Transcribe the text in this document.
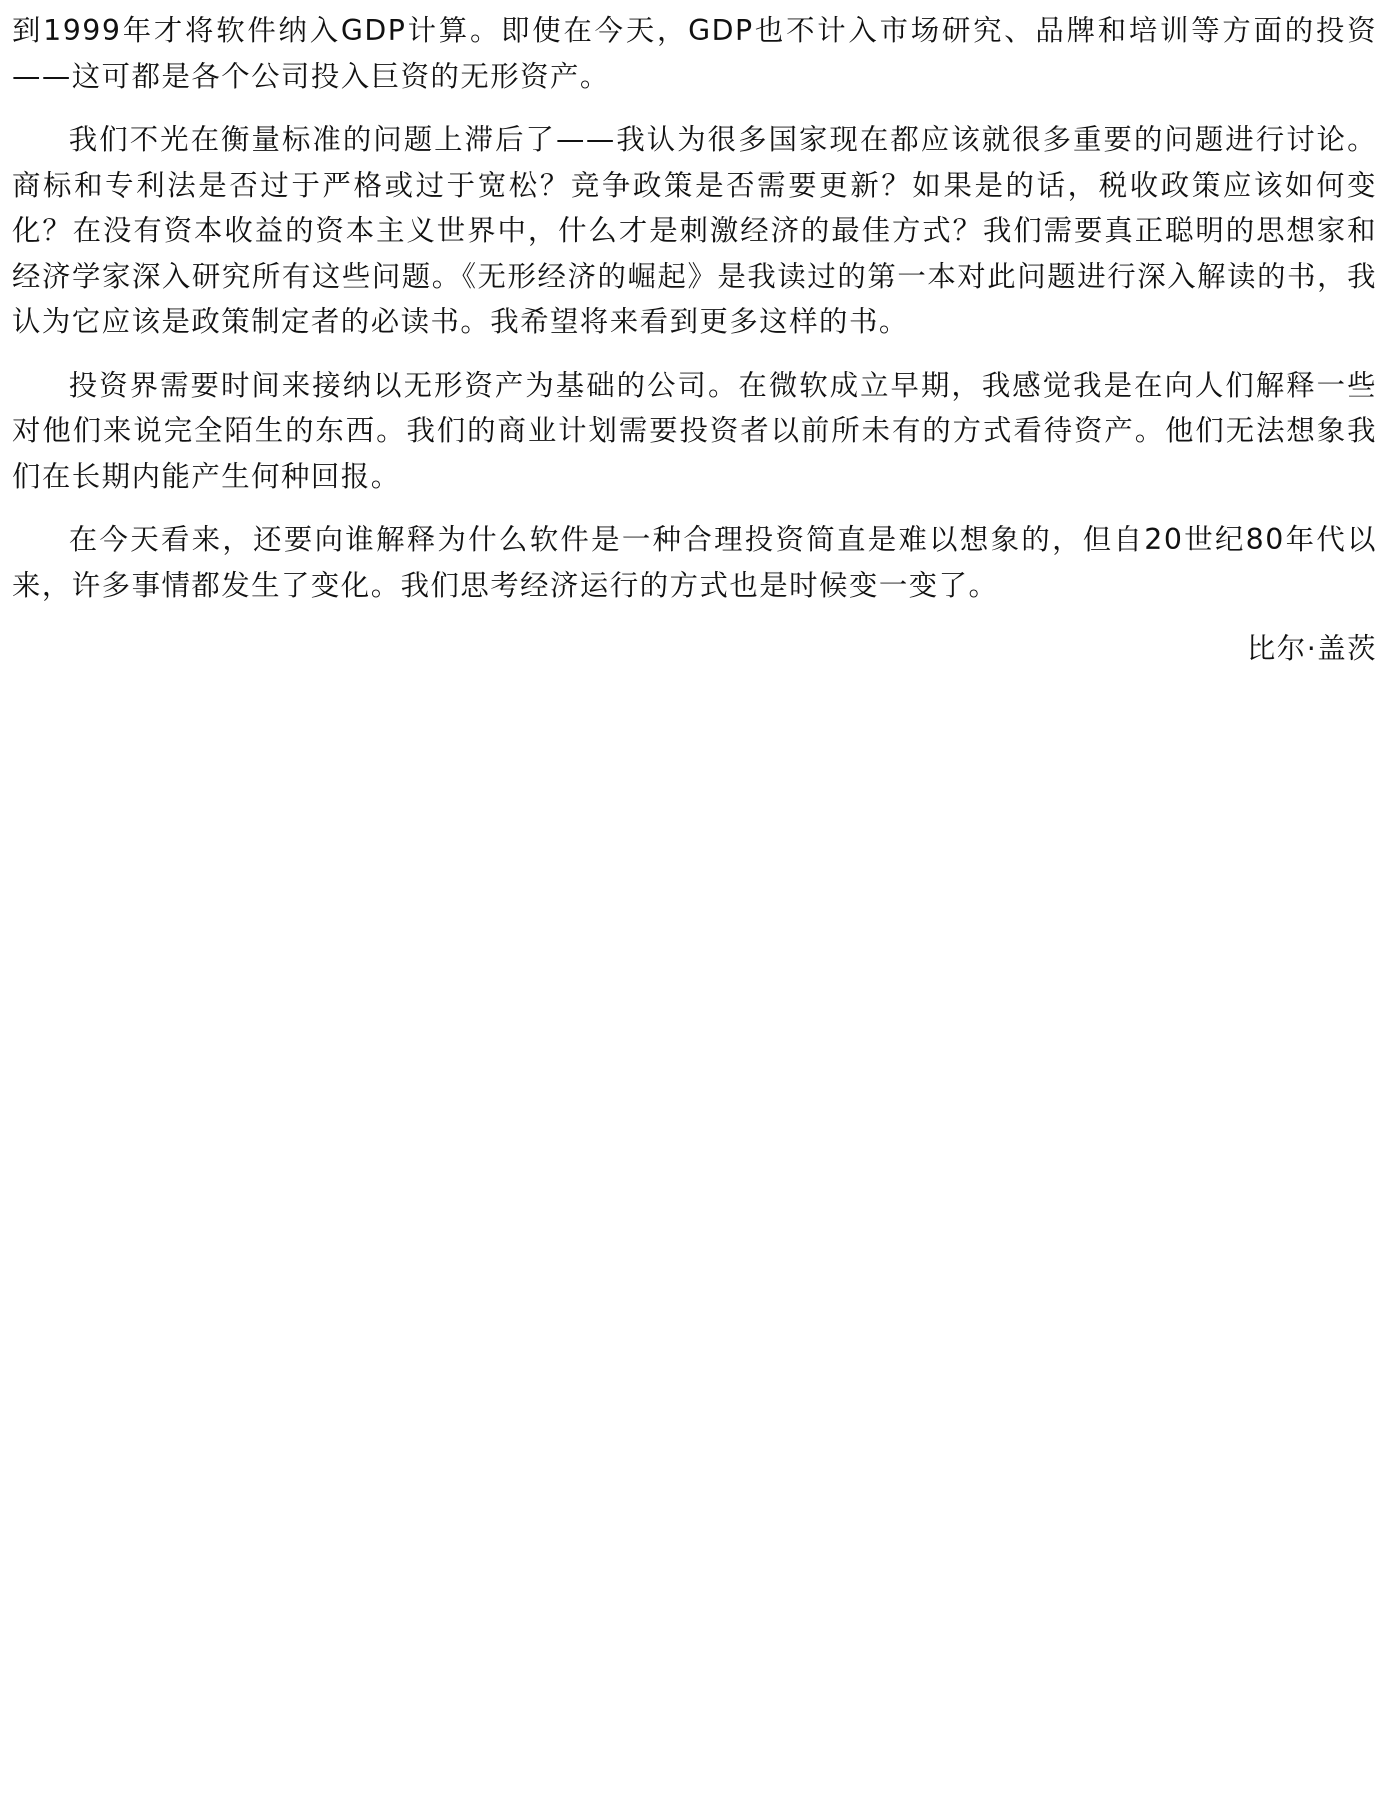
到1999年才将软件纳入GDP计算。即使在今天，GDP也不计入市场研究、品牌和培训等方面的投资——这可都是各个公司投入巨资的无形资产。

我们不光在衡量标准的问题上滞后了——我认为很多国家现在都应该就很多重要的问题进行讨论。商标和专利法是否过于严格或过于宽松？竞争政策是否需要更新？如果是的话，税收政策应该如何变化？在没有资本收益的资本主义世界中，什么才是刺激经济的最佳方式？我们需要真正聪明的思想家和经济学家深入研究所有这些问题。《无形经济的崛起》是我读过的第一本对此问题进行深入解读的书，我认为它应该是政策制定者的必读书。我希望将来看到更多这样的书。

投资界需要时间来接纳以无形资产为基础的公司。在微软成立早期，我感觉我是在向人们解释一些对他们来说完全陌生的东西。我们的商业计划需要投资者以前所未有的方式看待资产。他们无法想象我们在长期内能产生何种回报。

在今天看来，还要向谁解释为什么软件是一种合理投资简直是难以想象的，但自20世纪80年代以来，许多事情都发生了变化。我们思考经济运行的方式也是时候变一变了。

比尔·盖茨
